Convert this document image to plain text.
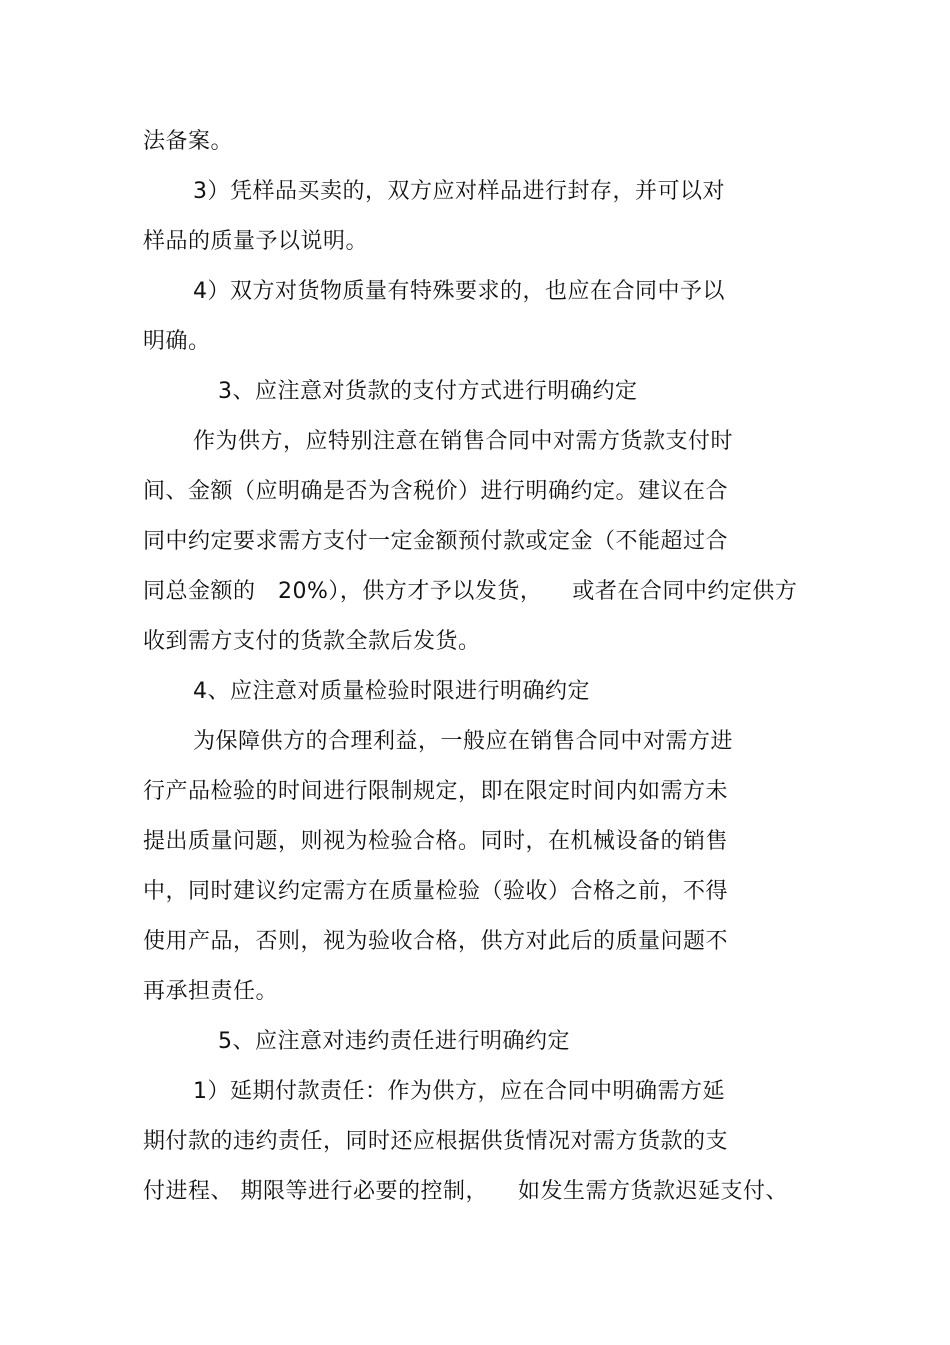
法备案。
3）凭样品买卖的，双方应对样品进行封存，并可以对
样品的质量予以说明。
4）双方对货物质量有特殊要求的，也应在合同中予以
明确。
3、应注意对货款的支付方式进行明确约定
作为供方，应特别注意在销售合同中对需方货款支付时
间、金额（应明确是否为含税价）进行明确约定。建议在合
同中约定要求需方支付一定金额预付款或定金（不能超过合
同总金额的   20%），供方才予以发货，    或者在合同中约定供方
收到需方支付的货款全款后发货。
4、应注意对质量检验时限进行明确约定
为保障供方的合理利益，一般应在销售合同中对需方进
行产品检验的时间进行限制规定，即在限定时间内如需方未
提出质量问题，则视为检验合格。同时，在机械设备的销售
中，同时建议约定需方在质量检验（验收）合格之前，不得
使用产品，否则，视为验收合格，供方对此后的质量问题不
再承担责任。
5、应注意对违约责任进行明确约定
1）延期付款责任：作为供方，应在合同中明确需方延
期付款的违约责任，同时还应根据供货情况对需方货款的支
付进程、 期限等进行必要的控制，    如发生需方货款迟延支付、
